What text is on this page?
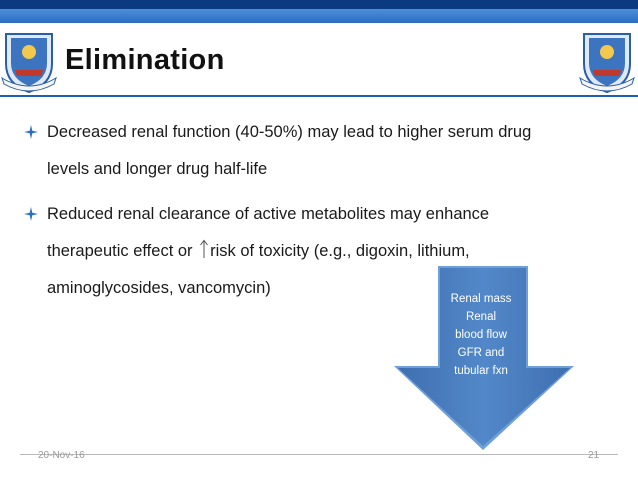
Elimination
Decreased renal function (40-50%) may lead to higher serum drug
levels and longer drug half-life
Reduced renal clearance of active metabolites may enhance
therapeutic effect or risk of toxicity (e.g., digoxin, lithium,
aminoglycosides, vancomycin)
Renal mass
Renal
blood flow
GFR and
tubular fxn
20-Nov-16	21
